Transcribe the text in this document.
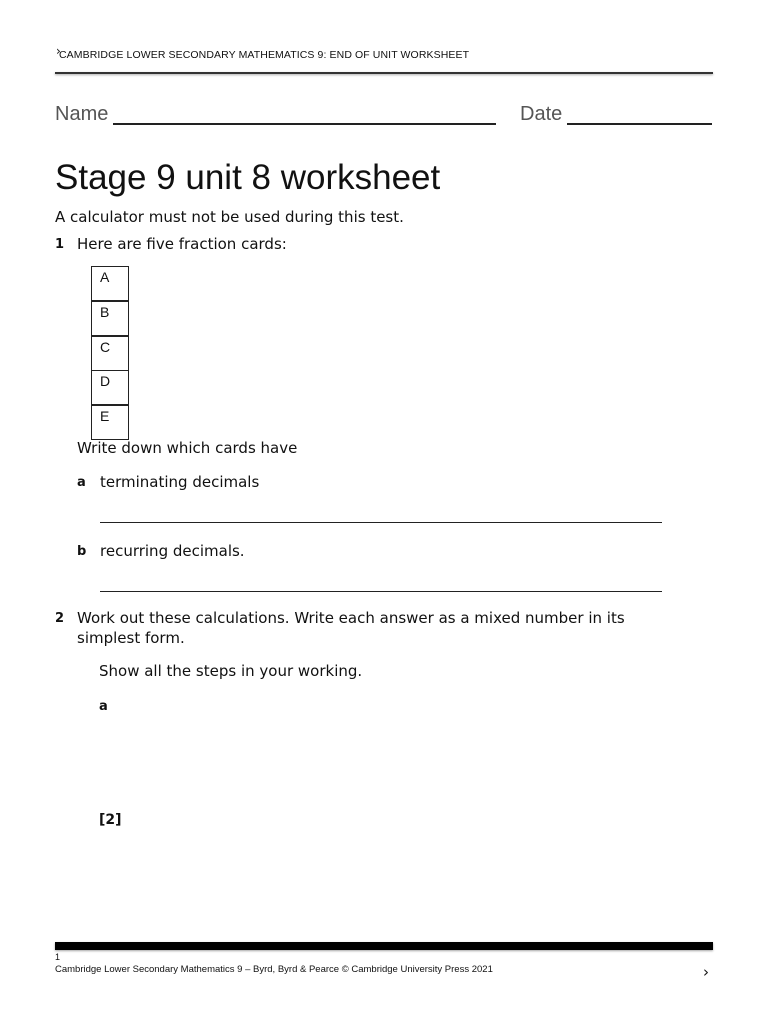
›
CAMBRIDGE LOWER SECONDARY MATHEMATICS 9: END OF UNIT WORKSHEET
Name	Date
Stage 9 unit 8 worksheet
A calculator must not be used during this test.
1 Here are five fraction cards:
A
B
C
D
E
Write down which cards have
a terminating decimals
b recurring decimals.
2 Work out these calculations. Write each answer as a mixed number in its
simplest form.
Show all the steps in your working.
a
[2]
1
Cambridge Lower Secondary Mathematics 9 – Byrd, Byrd & Pearce © Cambridge University Press 2021	›
